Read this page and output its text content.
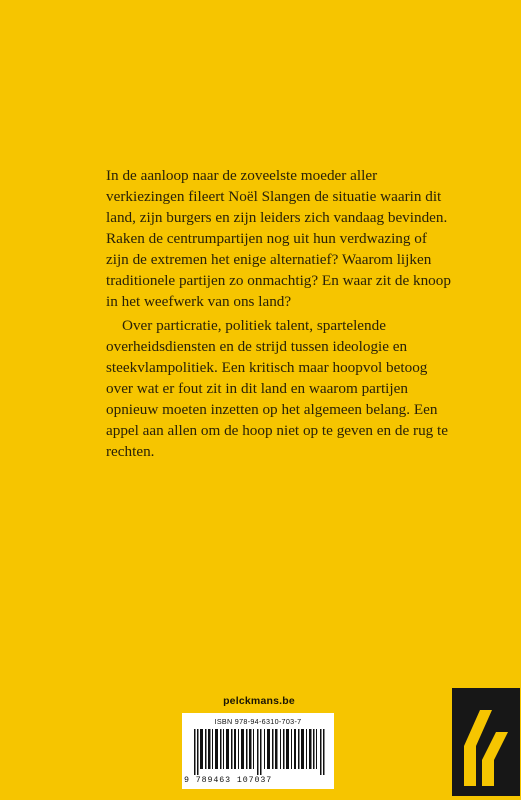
In de aanloop naar de zoveelste moeder aller verkiezingen fileert Noël Slangen de situatie waarin dit land, zijn burgers en zijn leiders zich vandaag bevinden. Raken de centrumpartijen nog uit hun verdwazing of zijn de extremen het enige alternatief? Waarom lijken traditionele partijen zo onmachtig? En waar zit de knoop in het weefwerk van ons land?

Over particratie, politiek talent, spartelende overheidsdiensten en de strijd tussen ideologie en steekvlampolitiek. Een kritisch maar hoopvol betoog over wat er fout zit in dit land en waarom partijen opnieuw moeten inzetten op het algemeen belang. Een appel aan allen om de hoop niet op te geven en de rug te rechten.

pelckmans.be
ISBN 978-94-6310-703-7
9 789463 107037
